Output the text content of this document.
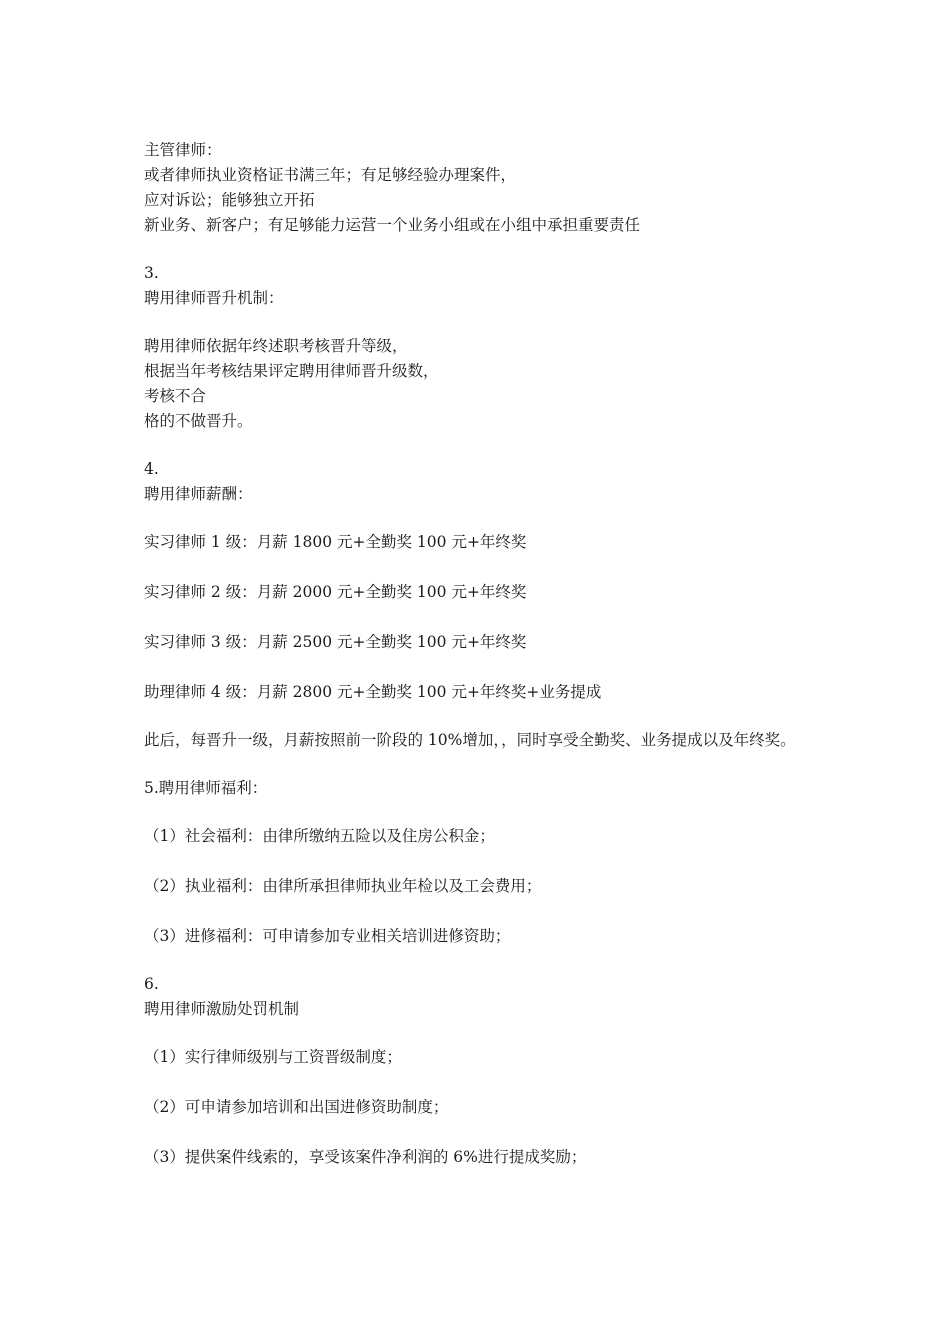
主管律师：
或者律师执业资格证书满三年；有足够经验办理案件，
应对诉讼；能够独立开拓
新业务、新客户；有足够能力运营一个业务小组或在小组中承担重要责任
3.
聘用律师晋升机制：
聘用律师依据年终述职考核晋升等级，
根据当年考核结果评定聘用律师晋升级数，
考核不合
格的不做晋升。
4.
聘用律师薪酬：
实习律师 1 级：月薪 1800 元+全勤奖 100 元+年终奖
实习律师 2 级：月薪 2000 元+全勤奖 100 元+年终奖
实习律师 3 级：月薪 2500 元+全勤奖 100 元+年终奖
助理律师 4 级：月薪 2800 元+全勤奖 100 元+年终奖+业务提成
此后，每晋升一级，月薪按照前一阶段的 10%增加，，同时享受全勤奖、业务提成以及年终奖。
5.聘用律师福利：
（1）社会福利：由律所缴纳五险以及住房公积金；
（2）执业福利：由律所承担律师执业年检以及工会费用；
（3）进修福利：可申请参加专业相关培训进修资助；
6.
聘用律师激励处罚机制
（1）实行律师级别与工资晋级制度；
（2）可申请参加培训和出国进修资助制度；
（3）提供案件线索的，享受该案件净利润的 6%进行提成奖励；
